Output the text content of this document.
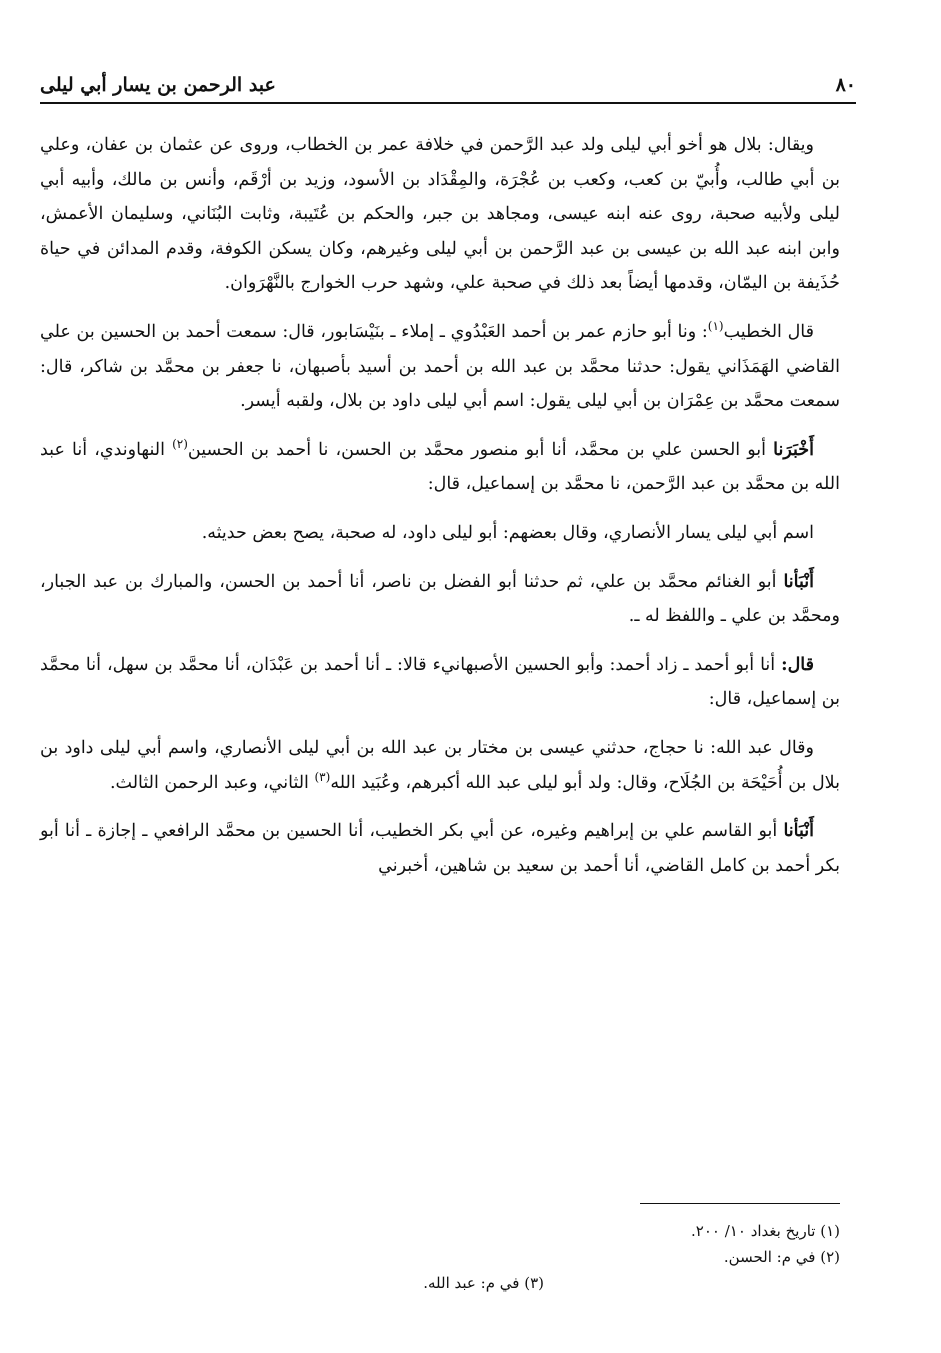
٨٠
عبد الرحمن بن يسار أبي ليلى

ويقال: بلال هو أخو أبي ليلى ولد عبد الرَّحمن في خلافة عمر بن الخطاب، وروى عن عثمان بن عفان، وعلي بن أبي طالب، وأُبيّ بن كعب، وكعب بن عُجْرَة، والمِقْدَاد بن الأسود، وزيد بن أرْقَم، وأنس بن مالك، وأبيه أبي ليلى ولأبيه صحبة، روى عنه ابنه عيسى، ومجاهد بن جبر، والحكم بن عُتَيبة، وثابت البُنَاني، وسليمان الأعمش، وابن ابنه عبد الله بن عيسى بن عبد الرَّحمن بن أبي ليلى وغيرهم، وكان يسكن الكوفة، وقدم المدائن في حياة حُذَيفة بن اليمّان، وقدمها أيضاً بعد ذلك في صحبة علي، وشهد حرب الخوارج بالنَّهْرَوان.

قال الخطيب$^{(١)}$: ونا أبو حازم عمر بن أحمد العَبْدُوي ـ إملاء ـ بنَيْسَابور، قال: سمعت أحمد بن الحسين بن علي القاضي الهَمَذَاني يقول: حدثنا محمَّد بن عبد الله بن أحمد بن أسيد بأصبهان، نا جعفر بن محمَّد بن شاكر، قال: سمعت محمَّد بن عِمْرَان بن أبي ليلى يقول: اسم أبي ليلى داود بن بلال، ولقبه أيسر.

أَخْبَرَنا أبو الحسن علي بن محمَّد، أنا أبو منصور محمَّد بن الحسن، نا أحمد بن الحسين$^{(٢)}$ النهاوندي، أنا عبد الله بن محمَّد بن عبد الرَّحمن، نا محمَّد بن إسماعيل، قال:

اسم أبي ليلى يسار الأنصاري، وقال بعضهم: أبو ليلى داود، له صحبة، يصح بعض حديثه.

أَنْبَأنا أبو الغنائم محمَّد بن علي، ثم حدثنا أبو الفضل بن ناصر، أنا أحمد بن الحسن، والمبارك بن عبد الجبار، ومحمَّد بن علي ـ واللفظ له ـ.

قال: أنا أبو أحمد ـ زاد أحمد: وأبو الحسين الأصبهانيء قالا: ـ أنا أحمد بن عَبْدَان، أنا محمَّد بن سهل، أنا محمَّد بن إسماعيل، قال:

وقال عبد الله: نا حجاج، حدثني عيسى بن مختار بن عبد الله بن أبي ليلى الأنصاري، واسم أبي ليلى داود بن بلال بن أُحَيْحَة بن الجُلَاح، وقال: ولد أبو ليلى عبد الله أكبرهم، وعُبَيد الله$^{(٣)}$ الثاني، وعبد الرحمن الثالث.

أَنْبَأنا أبو القاسم علي بن إبراهيم وغيره، عن أبي بكر الخطيب، أنا الحسين بن محمَّد الرافعي ـ إجازة ـ أنا أبو بكر أحمد بن كامل القاضي، أنا أحمد بن سعيد بن شاهين، أخبرني

(١) تاريخ بغداد ١٠/ ٢٠٠.
(٢) في م: الحسن.
(٣) في م: عبد الله.
